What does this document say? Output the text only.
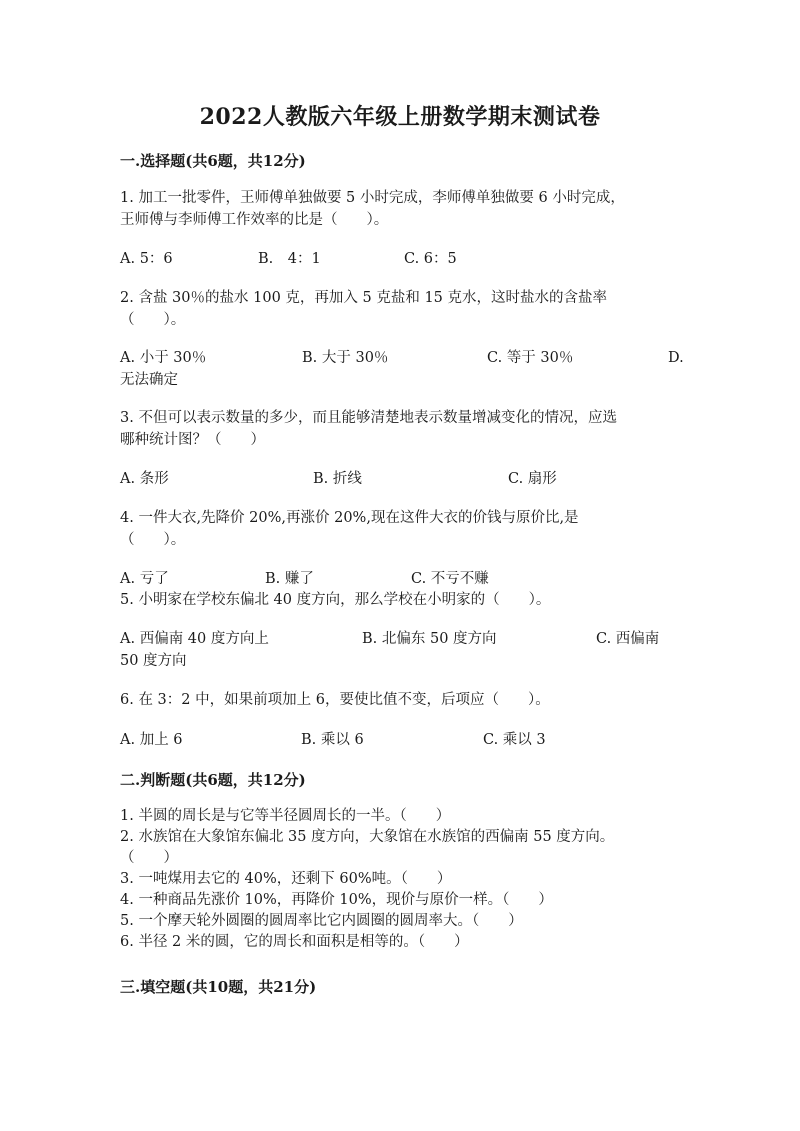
2022人教版六年级上册数学期末测试卷
一.选择题(共6题，共12分)
1. 加工一批零件，王师傅单独做要 5 小时完成，李师傅单独做要 6 小时完成，
王师傅与李师傅工作效率的比是（　　）。
A. 5：6	B.　4：1	C. 6：5
2. 含盐 30％的盐水 100 克，再加入 5 克盐和 15 克水，这时盐水的含盐率
（　　）。
A. 小于 30％	B. 大于 30％	C. 等于 30％	D.
无法确定
3. 不但可以表示数量的多少，而且能够清楚地表示数量增减变化的情况，应选
哪种统计图？（　　）
A. 条形	B. 折线	C. 扇形
4. 一件大衣,先降价 20%,再涨价 20%,现在这件大衣的价钱与原价比,是
（　　）。
A. 亏了	B. 赚了	C. 不亏不赚
5. 小明家在学校东偏北 40 度方向，那么学校在小明家的（　　）。
A. 西偏南 40 度方向上	B. 北偏东 50 度方向	C. 西偏南
50 度方向
6. 在 3：2 中，如果前项加上 6，要使比值不变，后项应（　　）。
A. 加上 6	B. 乘以 6	C. 乘以 3
二.判断题(共6题，共12分)
1. 半圆的周长是与它等半径圆周长的一半。（　　）
2. 水族馆在大象馆东偏北 35 度方向，大象馆在水族馆的西偏南 55 度方向。
（　　）
3. 一吨煤用去它的 40%，还剩下 60%吨。（　　）
4. 一种商品先涨价 10%，再降价 10%，现价与原价一样。（　　）
5. 一个摩天轮外圆圈的圆周率比它内圆圈的圆周率大。（　　）
6. 半径 2 米的圆，它的周长和面积是相等的。（　　）
三.填空题(共10题，共21分)
